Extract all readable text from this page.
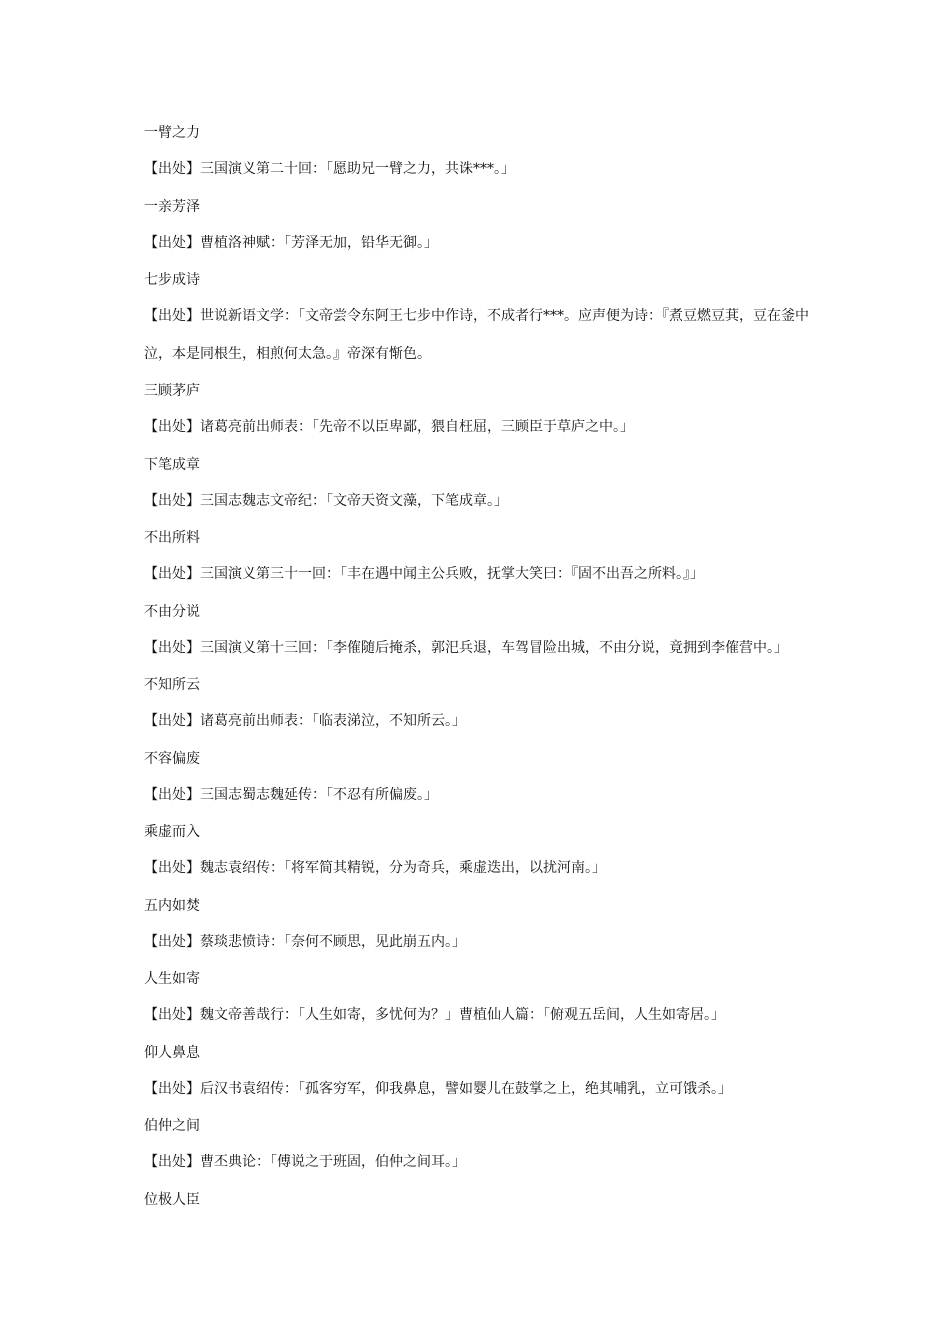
一臂之力

【出处】三国演义第二十回：「愿助兄一臂之力，共诛***。」

一亲芳泽

【出处】曹植洛神赋：「芳泽无加，铅华无御。」

七步成诗

【出处】世说新语文学：「文帝尝令东阿王七步中作诗，不成者行***。应声便为诗：『煮豆燃豆萁，豆在釜中泣，本是同根生，相煎何太急。』帝深有惭色。

三顾茅庐

【出处】诸葛亮前出师表：「先帝不以臣卑鄙，猥自枉屈，三顾臣于草庐之中。」

下笔成章

【出处】三国志魏志文帝纪：「文帝天资文藻，下笔成章。」

不出所料

【出处】三国演义第三十一回：「丰在遇中闻主公兵败，抚掌大笑曰：『固不出吾之所料。』」

不由分说

【出处】三国演义第十三回：「李傕随后掩杀，郭汜兵退，车驾冒险出城，不由分说，竟拥到李傕营中。」

不知所云

【出处】诸葛亮前出师表：「临表涕泣，不知所云。」

不容偏废

【出处】三国志蜀志魏延传：「不忍有所偏废。」

乘虚而入

【出处】魏志袁绍传：「将军简其精锐，分为奇兵，乘虚迭出，以扰河南。」

五内如焚

【出处】蔡琰悲愤诗：「奈何不顾思，见此崩五内。」

人生如寄

【出处】魏文帝善哉行：「人生如寄，多忧何为？」曹植仙人篇：「俯观五岳间，人生如寄居。」

仰人鼻息

【出处】后汉书袁绍传：「孤客穷军，仰我鼻息，譬如婴儿在鼓掌之上，绝其哺乳，立可饿杀。」

伯仲之间

【出处】曹丕典论：「傅说之于班固，伯仲之间耳。」

位极人臣
